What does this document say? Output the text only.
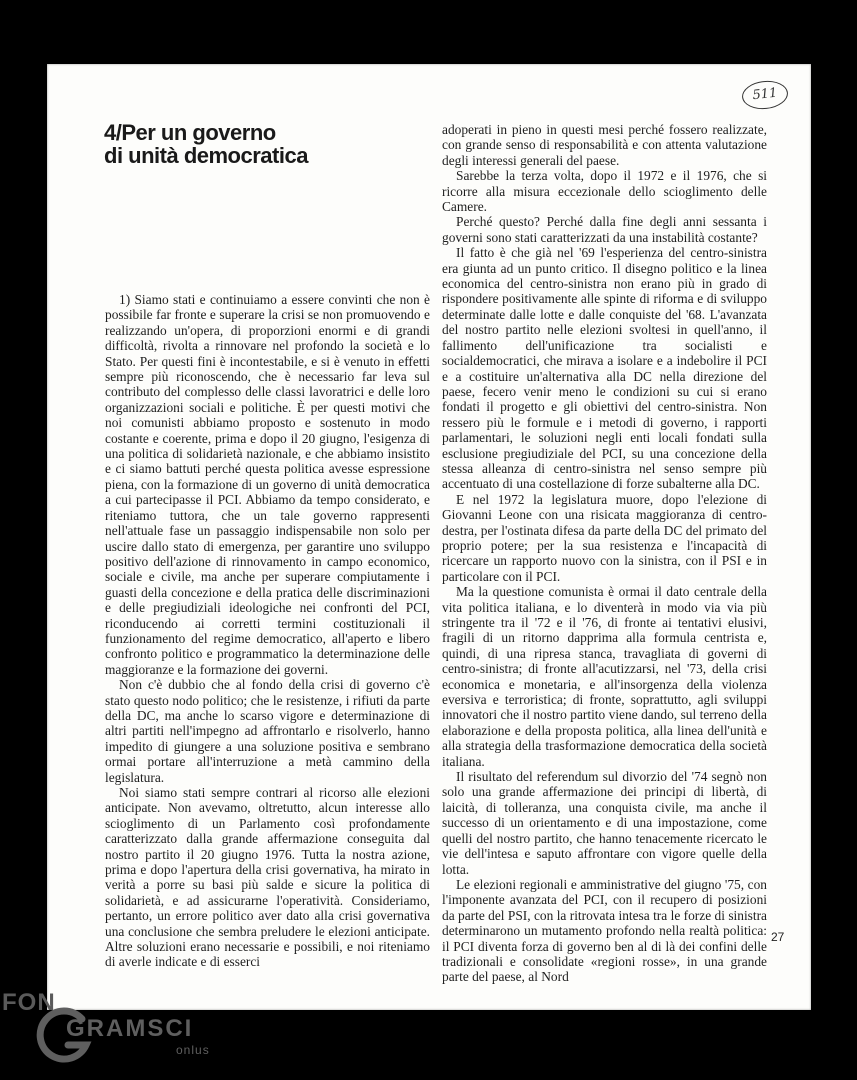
511
4/Per un governo
di unità democratica

1) Siamo stati e continuiamo a essere convinti che non è possibile far fronte e superare la crisi se non promuovendo e realizzando un'opera, di proporzioni enormi e di grandi difficoltà, rivolta a rinnovare nel profondo la società e lo Stato. Per questi fini è incontestabile, e si è venuto in effetti sempre più riconoscendo, che è necessario far leva sul contributo del complesso delle classi lavoratrici e delle loro organizzazioni sociali e politiche. È per questi motivi che noi comunisti abbiamo proposto e sostenuto in modo costante e coerente, prima e dopo il 20 giugno, l'esigenza di una politica di solidarietà nazionale, e che abbiamo insistito e ci siamo battuti perché questa politica avesse espressione piena, con la formazione di un governo di unità democratica a cui partecipasse il PCI. Abbiamo da tempo considerato, e riteniamo tuttora, che un tale governo rappresenti nell'attuale fase un passaggio indispensabile non solo per uscire dallo stato di emergenza, per garantire uno sviluppo positivo dell'azione di rinnovamento in campo economico, sociale e civile, ma anche per superare compiutamente i guasti della concezione e della pratica delle discriminazioni e delle pregiudiziali ideologiche nei confronti del PCI, riconducendo ai corretti termini costituzionali il funzionamento del regime democratico, all'aperto e libero confronto politico e programmatico la determinazione delle maggioranze e la formazione dei governi.

Non c'è dubbio che al fondo della crisi di governo c'è stato questo nodo politico; che le resistenze, i rifiuti da parte della DC, ma anche lo scarso vigore e determinazione di altri partiti nell'impegno ad affrontarlo e risolverlo, hanno impedito di giungere a una soluzione positiva e sembrano ormai portare all'interruzione a metà cammino della legislatura.

Noi siamo stati sempre contrari al ricorso alle elezioni anticipate. Non avevamo, oltretutto, alcun interesse allo scioglimento di un Parlamento così profondamente caratterizzato dalla grande affermazione conseguita dal nostro partito il 20 giugno 1976. Tutta la nostra azione, prima e dopo l'apertura della crisi governativa, ha mirato in verità a porre su basi più salde e sicure la politica di solidarietà, e ad assicurarne l'operatività. Consideriamo, pertanto, un errore politico aver dato alla crisi governativa una conclusione che sembra preludere le elezioni anticipate. Altre soluzioni erano necessarie e possibili, e noi riteniamo di averle indicate e di esserci

adoperati in pieno in questi mesi perché fossero realizzate, con grande senso di responsabilità e con attenta valutazione degli interessi generali del paese.

Sarebbe la terza volta, dopo il 1972 e il 1976, che si ricorre alla misura eccezionale dello scioglimento delle Camere.

Perché questo? Perché dalla fine degli anni sessanta i governi sono stati caratterizzati da una instabilità costante?

Il fatto è che già nel '69 l'esperienza del centro-sinistra era giunta ad un punto critico. Il disegno politico e la linea economica del centro-sinistra non erano più in grado di rispondere positivamente alle spinte di riforma e di sviluppo determinate dalle lotte e dalle conquiste del '68. L'avanzata del nostro partito nelle elezioni svoltesi in quell'anno, il fallimento dell'unificazione tra socialisti e socialdemocratici, che mirava a isolare e a indebolire il PCI e a costituire un'alternativa alla DC nella direzione del paese, fecero venir meno le condizioni su cui si erano fondati il progetto e gli obiettivi del centro-sinistra. Non ressero più le formule e i metodi di governo, i rapporti parlamentari, le soluzioni negli enti locali fondati sulla esclusione pregiudiziale del PCI, su una concezione della stessa alleanza di centro-sinistra nel senso sempre più accentuato di una costellazione di forze subalterne alla DC.

E nel 1972 la legislatura muore, dopo l'elezione di Giovanni Leone con una risicata maggioranza di centro-destra, per l'ostinata difesa da parte della DC del primato del proprio potere; per la sua resistenza e l'incapacità di ricercare un rapporto nuovo con la sinistra, con il PSI e in particolare con il PCI.

Ma la questione comunista è ormai il dato centrale della vita politica italiana, e lo diventerà in modo via via più stringente tra il '72 e il '76, di fronte ai tentativi elusivi, fragili di un ritorno dapprima alla formula centrista e, quindi, di una ripresa stanca, travagliata di governi di centro-sinistra; di fronte all'acutizzarsi, nel '73, della crisi economica e monetaria, e all'insorgenza della violenza eversiva e terroristica; di fronte, soprattutto, agli sviluppi innovatori che il nostro partito viene dando, sul terreno della elaborazione e della proposta politica, alla linea dell'unità e alla strategia della trasformazione democratica della società italiana.

Il risultato del referendum sul divorzio del '74 segnò non solo una grande affermazione dei principi di libertà, di laicità, di tolleranza, una conquista civile, ma anche il successo di un orientamento e di una impostazione, come quelli del nostro partito, che hanno tenacemente ricercato le vie dell'intesa e saputo affrontare con vigore quelle della lotta.

Le elezioni regionali e amministrative del giugno '75, con l'imponente avanzata del PCI, con il recupero di posizioni da parte del PSI, con la ritrovata intesa tra le forze di sinistra determinarono un mutamento profondo nella realtà politica: il PCI diventa forza di governo ben al di là dei confini delle tradizionali e consolidate «regioni rosse», in una grande parte del paese, al Nord

27
FON
GRAMSCI
onlus
